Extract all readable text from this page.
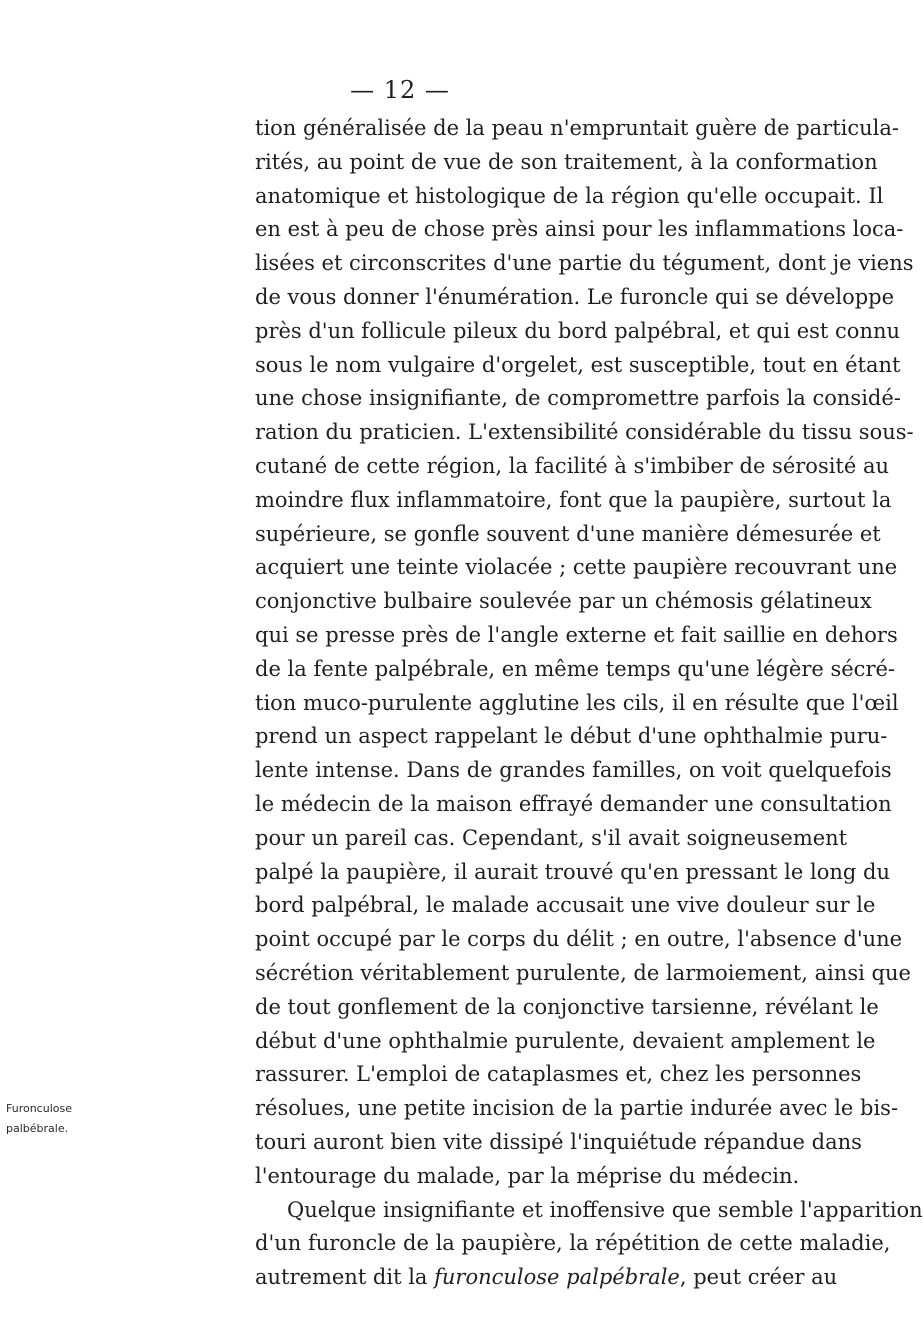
— 12 —
Furonculose
palbébrale.
tion généralisée de la peau n'empruntait guère de particula-
rités, au point de vue de son traitement, à la conformation
anatomique et histologique de la région qu'elle occupait. Il
en est à peu de chose près ainsi pour les inflammations loca-
lisées et circonscrites d'une partie du tégument, dont je viens
de vous donner l'énumération. Le furoncle qui se développe
près d'un follicule pileux du bord palpébral, et qui est connu
sous le nom vulgaire d'orgelet, est susceptible, tout en étant
une chose insignifiante, de compromettre parfois la considé-
ration du praticien. L'extensibilité considérable du tissu sous-
cutané de cette région, la facilité à s'imbiber de sérosité au
moindre flux inflammatoire, font que la paupière, surtout la
supérieure, se gonfle souvent d'une manière démesurée et
acquiert une teinte violacée ; cette paupière recouvrant une
conjonctive bulbaire soulevée par un chémosis gélatineux
qui se presse près de l'angle externe et fait saillie en dehors
de la fente palpébrale, en même temps qu'une légère sécré-
tion muco-purulente agglutine les cils, il en résulte que l'œil
prend un aspect rappelant le début d'une ophthalmie puru-
lente intense. Dans de grandes familles, on voit quelquefois
le médecin de la maison effrayé demander une consultation
pour un pareil cas. Cependant, s'il avait soigneusement
palpé la paupière, il aurait trouvé qu'en pressant le long du
bord palpébral, le malade accusait une vive douleur sur le
point occupé par le corps du délit ; en outre, l'absence d'une
sécrétion véritablement purulente, de larmoiement, ainsi que
de tout gonflement de la conjonctive tarsienne, révélant le
début d'une ophthalmie purulente, devaient amplement le
rassurer. L'emploi de cataplasmes et, chez les personnes
résolues, une petite incision de la partie indurée avec le bis-
touri auront bien vite dissipé l'inquiétude répandue dans
l'entourage du malade, par la méprise du médecin.
Quelque insignifiante et inoffensive que semble l'apparition
d'un furoncle de la paupière, la répétition de cette maladie,
autrement dit la furonculose palpébrale, peut créer au
